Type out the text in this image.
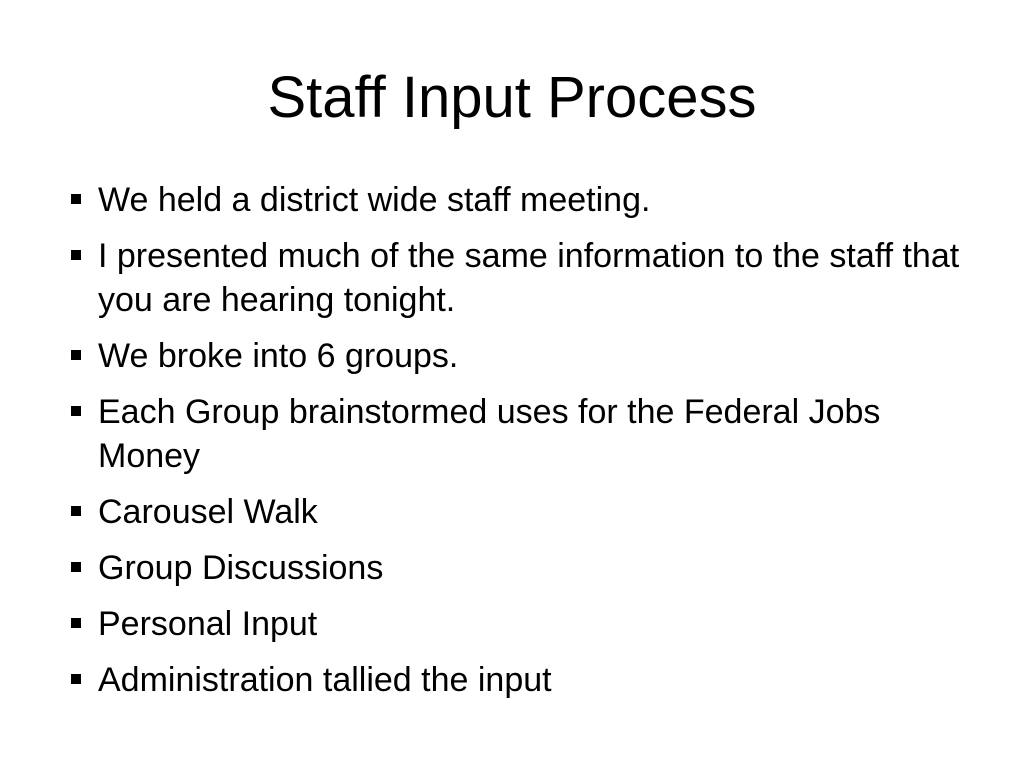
Staff Input Process
We held a district wide staff meeting.
I presented much of the same information to the staff that you are hearing tonight.
We broke into 6 groups.
Each Group brainstormed uses for the Federal Jobs Money
Carousel Walk
Group Discussions
Personal Input
Administration tallied the input
